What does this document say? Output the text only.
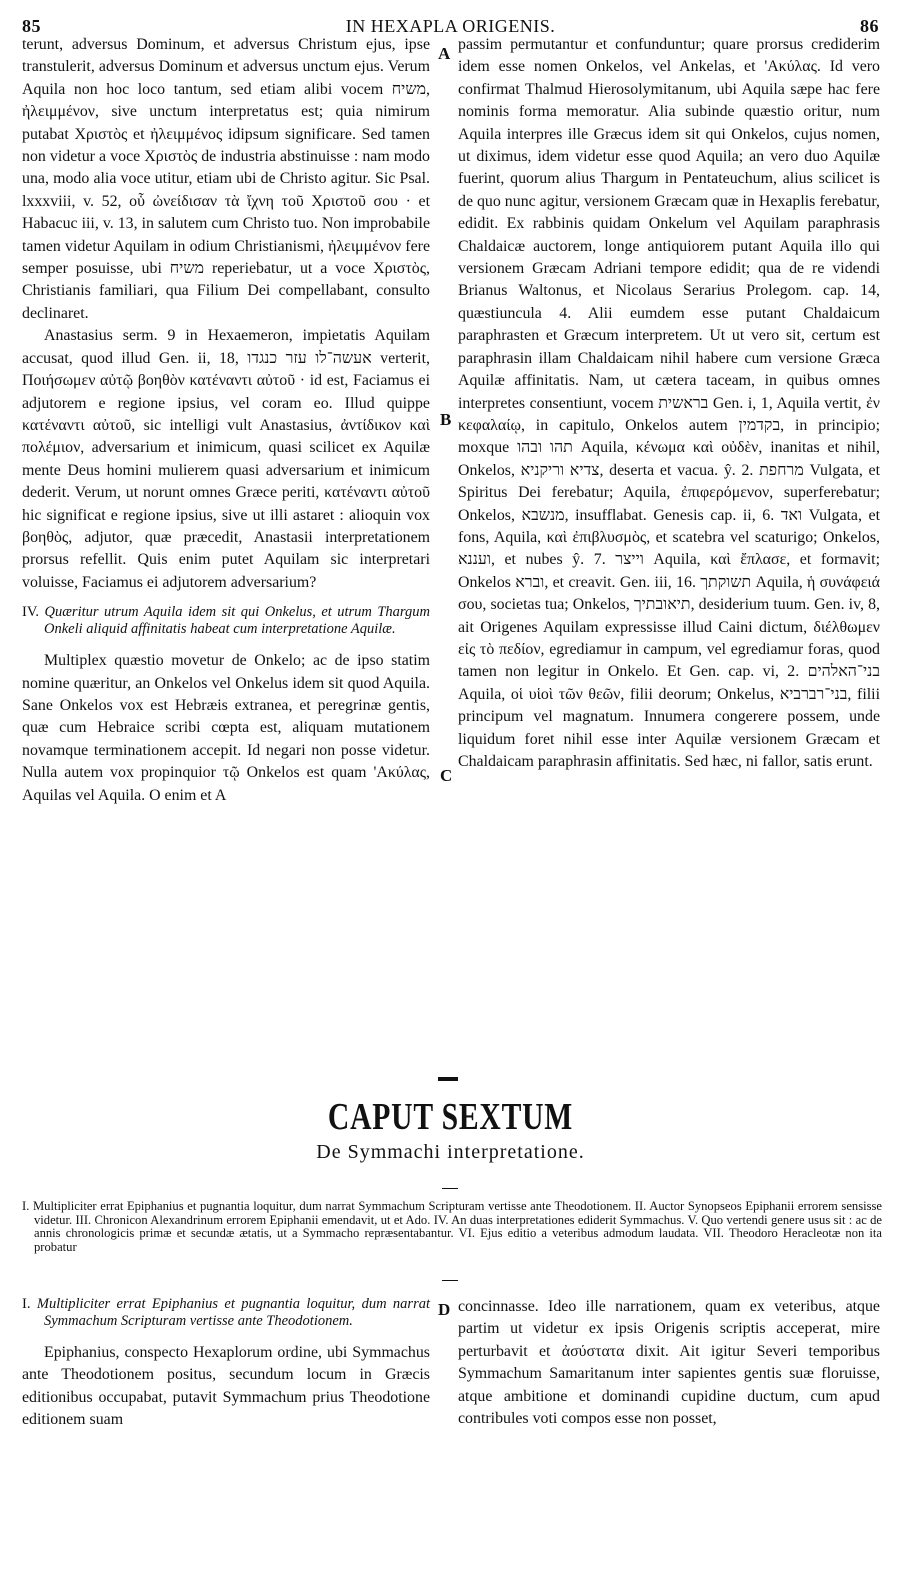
85	IN HEXAPLA ORIGENIS.	86

terunt, adversus Dominum, et adversus Christum ejus, ipse transtulerit, adversus Dominum et adversus unctum ejus. Verum Aquila non hoc loco tantum, sed etiam alibi vocem משיח, ἠλειμμένον, sive unctum interpretatus est; quia nimirum putabat Χριστὸς et ἠλειμμένος idipsum significare. Sed tamen non videtur a voce Χριστὸς de industria abstinuisse : nam modo una, modo alia voce utitur, etiam ubi de Christo agitur. Sic Psal. lxxxviii, v. 52, οὗ ὠνείδισαν τὰ ἴχνη τοῦ Χριστοῦ σου · et Habacuc iii, v. 13, in salutem cum Christo tuo. Non improbabile tamen videtur Aquilam in odium Christianismi, ἠλειμμένον fere semper posuisse, ubi משיח reperiebatur, ut a voce Χριστὸς, Christianis familiari, qua Filium Dei compellabant, consulto declinaret.

Anastasius serm. 9 in Hexaemeron, impietatis Aquilam accusat, quod illud Gen. ii, 18, אעשה־לו עזר כנגדו verterit, Ποιήσωμεν αὐτῷ βοηθὸν κατέναντι αὐτοῦ · id est, Faciamus ei adjutorem e regione ipsius, vel coram eo. Illud quippe κατέναντι αὐτοῦ, sic intelligi vult Anastasius, ἀντίδικον καὶ πολέμιον, adversarium et inimicum, quasi scilicet ex Aquilæ mente Deus homini mulierem quasi adversarium et inimicum dederit. Verum, ut norunt omnes Græce periti, κατέναντι αὐτοῦ hic significat e regione ipsius, sive ut illi astaret : alioquin vox βοηθὸς, adjutor, quæ præcedit, Anastasii interpretationem prorsus refellit. Quis enim putet Aquilam sic interpretari voluisse, Faciamus ei adjutorem adversarium?

IV. Quæritur utrum Aquila idem sit qui Onkelus, et utrum Thargum Onkeli aliquid affinitatis habeat cum interpretatione Aquilæ.

Multiplex quæstio movetur de Onkelo; ac de ipso statim nomine quæritur, an Onkelos vel Onkelus idem sit quod Aquila. Sane Onkelos vox est Hebræis extranea, et peregrinæ gentis, quæ cum Hebraice scribi cœpta est, aliquam mutationem novamque terminationem accepit. Id negari non posse videtur. Nulla autem vox propinquior τῷ Onkelos est quam 'Ακύλας, Aquilas vel Aquila. O enim et A

passim permutantur et confunduntur; quare prorsus crediderim idem esse nomen Onkelos, vel Ankelas, et 'Ακύλας. Id vero confirmat Thalmud Hierosolymitanum, ubi Aquila sæpe hac fere nominis forma memoratur. Alia subinde quæstio oritur, num Aquila interpres ille Græcus idem sit qui Onkelos, cujus nomen, ut diximus, idem videtur esse quod Aquila; an vero duo Aquilæ fuerint, quorum alius Thargum in Pentateuchum, alius scilicet is de quo nunc agitur, versionem Græcam quæ in Hexaplis ferebatur, edidit. Ex rabbinis quidam Onkelum vel Aquilam paraphrasis Chaldaicæ auctorem, longe antiquiorem putant Aquila illo qui versionem Græcam Adriani tempore edidit; qua de re videndi Brianus Waltonus, et Nicolaus Serarius Prolegom. cap. 14, quæstiuncula 4. Alii eumdem esse putant Chaldaicum paraphrasten et Græcum interpretem. Ut ut vero sit, certum est paraphrasin illam Chaldaicam nihil habere cum versione Græca Aquilæ affinitatis. Nam, ut cætera taceam, in quibus omnes interpretes consentiunt, vocem בראשית Gen. i, 1, Aquila vertit, ἐν κεφαλαίῳ, in capitulo, Onkelos autem בקדמין, in principio; moxque תהו ובהו Aquila, κένωμα καὶ οὐδὲν, inanitas et nihil, Onkelos, צדיא וריקניא, deserta et vacua. ŷ. 2. מרחפת Vulgata, et Spiritus Dei ferebatur; Aquila, ἐπιφερόμενον, superferebatur; Onkelos, מנשבא, insufflabat. Genesis cap. ii, 6. ואד Vulgata, et fons, Aquila, καὶ ἐπιβλυσμὸς, et scatebra vel scaturigo; Onkelos, ועננא, et nubes ŷ. 7. וייצר Aquila, καὶ ἔπλασε, et formavit; Onkelos וברא, et creavit. Gen. iii, 16. תשוקתך Aquila, ἡ συνάφειά σου, societas tua; Onkelos, תיאובתיך, desiderium tuum. Gen. iv, 8, ait Origenes Aquilam expressisse illud Caini dictum, διέλθωμεν εἰς τὸ πεδίον, egrediamur in campum, vel egrediamur foras, quod tamen non legitur in Onkelo. Et Gen. cap. vi, 2. בני־האלהים Aquila, οἱ υἱοὶ τῶν θεῶν, filii deorum; Onkelus, בני־רברביא, filii principum vel magnatum. Innumera congerere possem, unde liquidum foret nihil esse inter Aquilæ versionem Græcam et Chaldaicam paraphrasin affinitatis. Sed hæc, ni fallor, satis erunt.

A
B
C
D
CAPUT SEXTUM
De Symmachi interpretatione.
I. Multipliciter errat Epiphanius et pugnantia loquitur, dum narrat Symmachum Scripturam vertisse ante Theodotionem. II. Auctor Synopseos Epiphanii errorem sensisse videtur. III. Chronicon Alexandrinum errorem Epiphanii emendavit, ut et Ado. IV. An duas interpretationes ediderit Symmachus. V. Quo vertendi genere usus sit : ac de annis chronologicis primæ et secundæ ætatis, ut a Symmacho repræsentabantur. VI. Ejus editio a veteribus admodum laudata. VII. Theodoro Heracleotæ non ita probatur

I. Multipliciter errat Epiphanius et pugnantia loquitur, dum narrat Symmachum Scripturam vertisse ante Theodotionem.

Epiphanius, conspecto Hexaplorum ordine, ubi Symmachus ante Theodotionem positus, secundum locum in Græcis editionibus occupabat, putavit Symmachum prius Theodotione editionem suam

concinnasse. Ideo ille narrationem, quam ex veteribus, atque partim ut videtur ex ipsis Origenis scriptis acceperat, mire perturbavit et ἀσύστατα dixit. Ait igitur Severi temporibus Symmachum Samaritanum inter sapientes gentis suæ floruisse, atque ambitione et dominandi cupidine ductum, cum apud contribules voti compos esse non posset,
